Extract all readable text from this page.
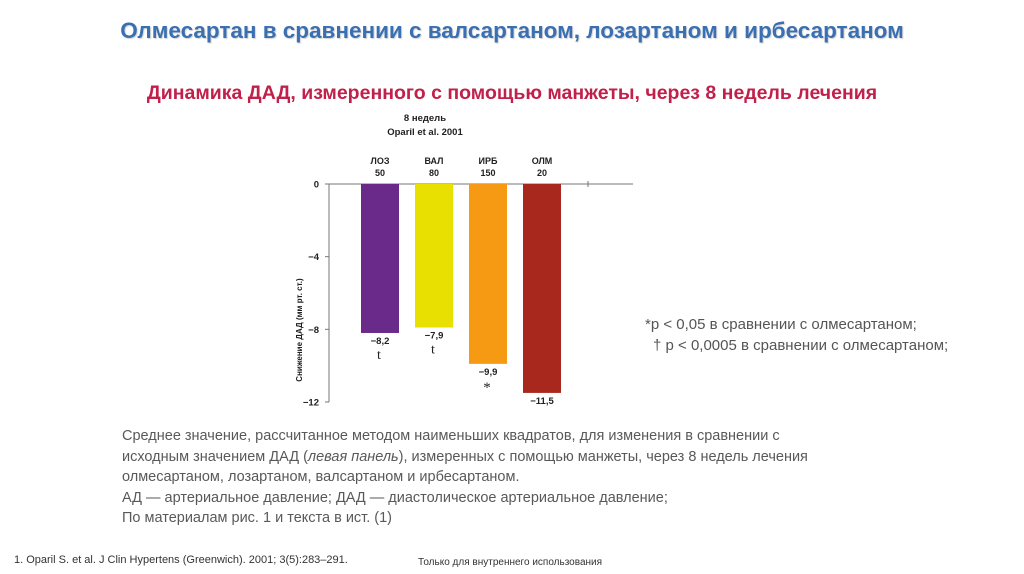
Олмесартан в сравнении с валсартаном, лозартаном и ирбесартаном
Динамика ДАД, измеренного с помощью манжеты, через 8 недель лечения
8 недель
Oparil et al. 2001
Снижение ДАД (мм рт. ст.)
0
−4
−8
−12
ЛОЗ
50
−8,2
t
ВАЛ
80
−7,9
t
ИРБ
150
−9,9
*
ОЛМ
20
−11,5
*p < 0,05 в сравнении с олмесартаном;
† p < 0,0005 в сравнении с олмесартаном;
Среднее значение, рассчитанное методом наименьших квадратов, для изменения в сравнении с
исходным значением ДАД (левая панель), измеренных с помощью манжеты, через 8 недель лечения
олмесартаном, лозартаном, валсартаном и ирбесартаном.
АД — артериальное давление; ДАД — диастолическое артериальное давление;
По материалам рис. 1 и текста в ист. (1)
1. Oparil S. et al. J Clin Hypertens (Greenwich). 2001; 3(5):283–291.	Только для внутреннего использования
